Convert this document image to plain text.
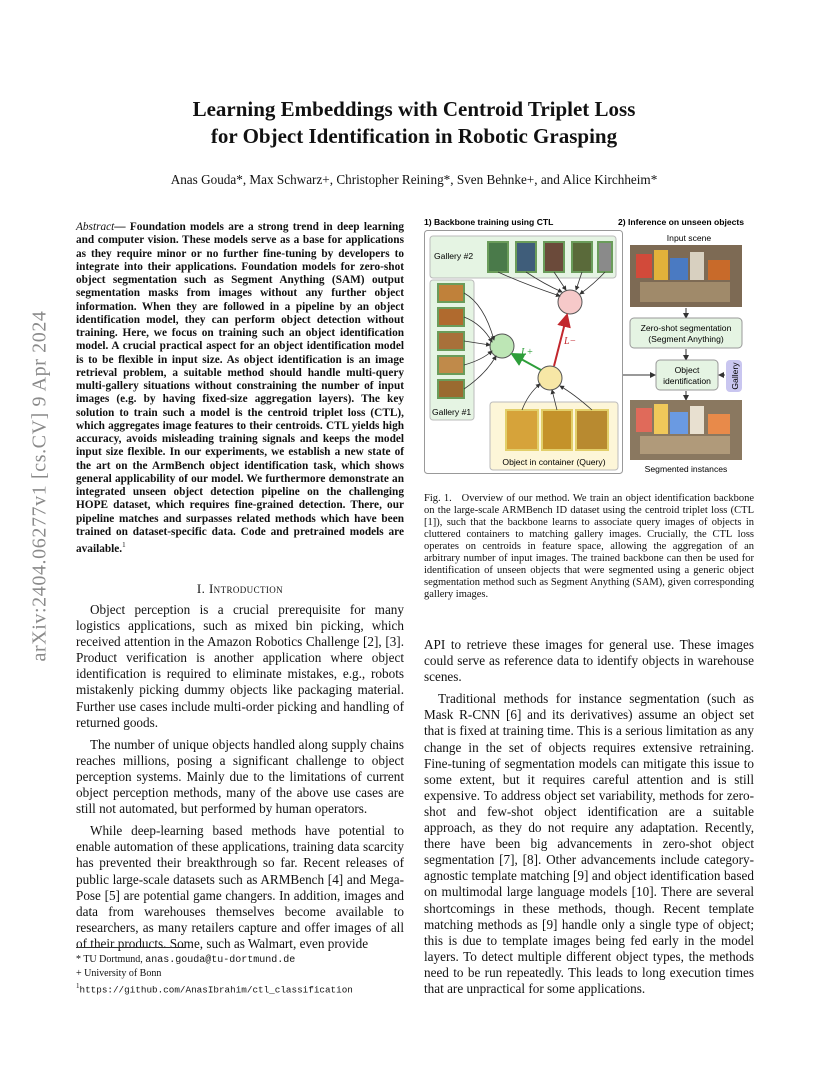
Learning Embeddings with Centroid Triplet Loss
for Object Identification in Robotic Grasping
Anas Gouda*, Max Schwarz+, Christopher Reining*, Sven Behnke+, and Alice Kirchheim*
arXiv:2404.06277v1 [cs.CV] 9 Apr 2024
Abstract— Foundation models are a strong trend in deep learning and computer vision. These models serve as a base for applications as they require minor or no further fine-tuning by developers to integrate into their applications. Foundation models for zero-shot object segmentation such as Segment Anything (SAM) output segmentation masks from images without any further object information. When they are followed in a pipeline by an object identification model, they can perform object detection without training. Here, we focus on training such an object identification model. A crucial practical aspect for an object identification model is to be flexible in input size. As object identification is an image retrieval problem, a suitable method should handle multi-query multi-gallery situations without constraining the number of input images (e.g. by having fixed-size aggregation layers). The key solution to train such a model is the centroid triplet loss (CTL), which aggregates image features to their centroids. CTL yields high accuracy, avoids misleading training signals and keeps the model input size flexible. In our experiments, we establish a new state of the art on the ArmBench object identification task, which shows general applicability of our model. We furthermore demonstrate an integrated unseen object detection pipeline on the challenging HOPE dataset, which requires fine-grained detection. There, our pipeline matches and surpasses related methods which have been trained on dataset-specific data. Code and pretrained models are available.$^1$
I. Introduction

Object perception is a crucial prerequisite for many logistics applications, such as mixed bin picking, which received attention in the Amazon Robotics Challenge [2], [3]. Product verification is another application where object identification is required to eliminate mistakes, e.g., robots mistakenly picking dummy objects like packaging material. Further use cases include multi-order picking and handling of returned goods.

The number of unique objects handled along supply chains reaches millions, posing a significant challenge to object perception systems. Mainly due to the limitations of current object perception methods, many of the above use cases are still not automated, but performed by human operators.

While deep-learning based methods have potential to enable automation of these applications, training data scarcity has prevented their breakthrough so far. Recent releases of public large-scale datasets such as ARMBench [4] and Mega-Pose [5] are potential game changers. In addition, images and data from warehouses themselves become available to researchers, as many retailers capture and offer images of all of their products. Some, such as Walmart, even provide

* TU Dortmund, anas.gouda@tu-dortmund.de
+ University of Bonn
$^1$https://github.com/AnasIbrahim/ctl_classification
1) Backbone training using CTL	2) Inference on unseen objects
Gallery #2
Gallery #1
Object in container (Query)
L+
L−
Input scene
Zero-shot segmentation
(Segment Anything)
Object
identification Gallery
Segmented instances
Fig. 1. Overview of our method. We train an object identification backbone on the large-scale ARMBench ID dataset using the centroid triplet loss (CTL [1]), such that the backbone learns to associate query images of objects in cluttered containers to matching gallery images. Crucially, the CTL loss operates on centroids in feature space, allowing the aggregation of an arbitrary number of input images. The trained backbone can then be used for identification of unseen objects that were segmented using a generic object segmentation method such as Segment Anything (SAM), given corresponding gallery images.

API to retrieve these images for general use. These images could serve as reference data to identify objects in warehouse scenes.

Traditional methods for instance segmentation (such as Mask R-CNN [6] and its derivatives) assume an object set that is fixed at training time. This is a serious limitation as any change in the set of objects requires extensive retraining. Fine-tuning of segmentation models can mitigate this issue to some extent, but it requires careful attention and is still expensive. To address object set variability, methods for zero-shot and few-shot object identification are a suitable approach, as they do not require any adaptation. Recently, there have been big advancements in zero-shot object segmentation [7], [8]. Other advancements include category-agnostic template matching [9] and object identification based on multimodal large language models [10]. There are several shortcomings in these methods, though. Recent template matching methods as [9] handle only a single type of object; this is due to template images being fed early in the model layers. To detect multiple different object types, the methods need to be run repeatedly. This leads to long execution times that are unpractical for some applications.
